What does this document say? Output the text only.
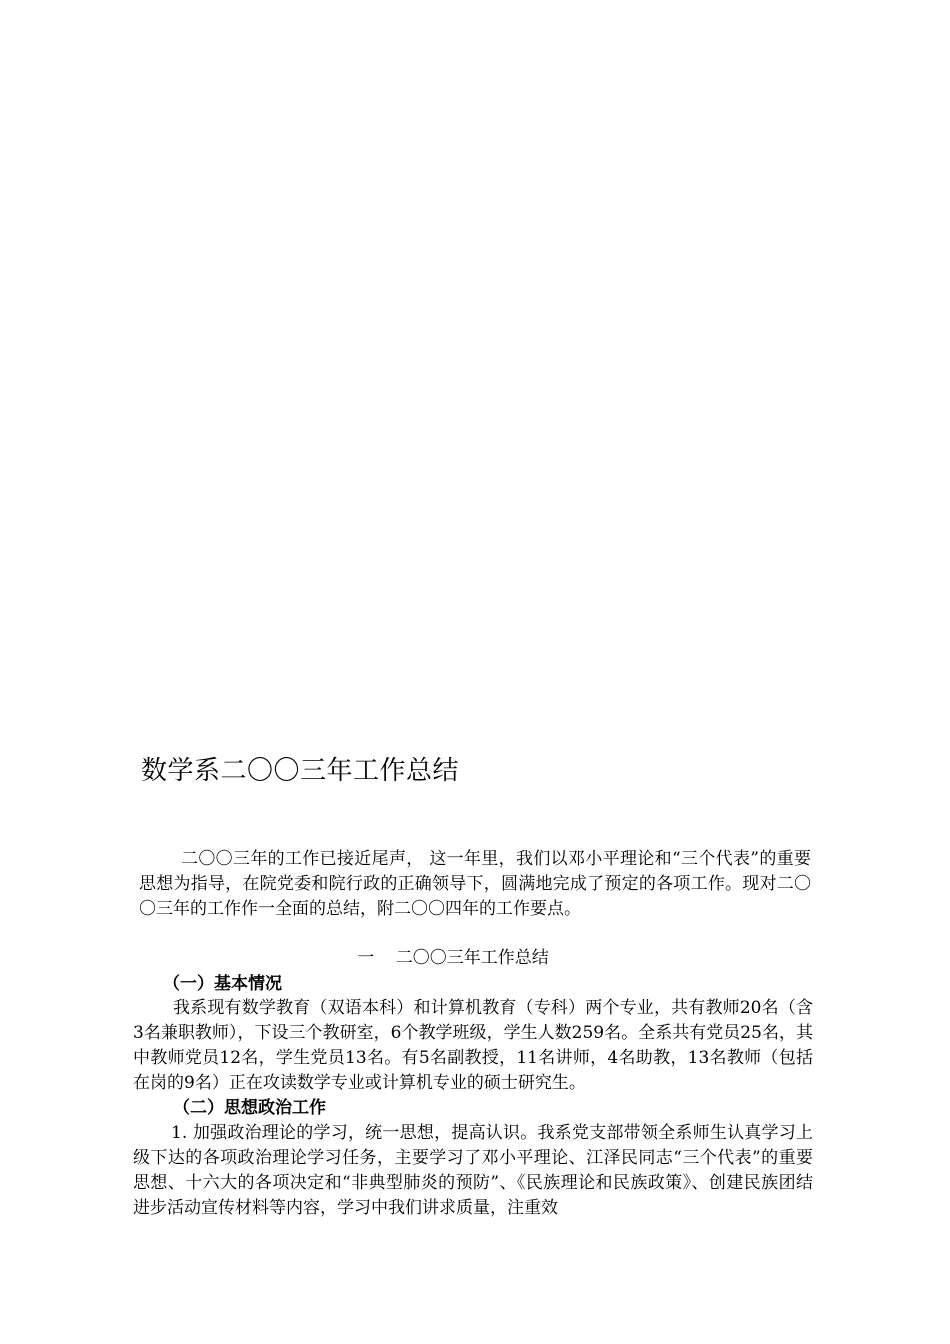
数学系二〇〇三年工作总结
二〇〇三年的工作已接近尾声， 这一年里，我们以邓小平理论和“三个代表”的重要思想为指导，在院党委和院行政的正确领导下，圆满地完成了预定的各项工作。现对二〇〇三年的工作作一全面的总结，附二〇〇四年的工作要点。
一    二〇〇三年工作总结
（一）基本情况
我系现有数学教育（双语本科）和计算机教育（专科）两个专业，共有教师20名（含3名兼职教师），下设三个教研室，6个教学班级，学生人数259名。全系共有党员25名，其中教师党员12名，学生党员13名。有5名副教授，11名讲师，4名助教，13名教师（包括在岗的9名）正在攻读数学专业或计算机专业的硕士研究生。
（二）思想政治工作
1. 加强政治理论的学习，统一思想，提高认识。我系党支部带领全系师生认真学习上级下达的各项政治理论学习任务，主要学习了邓小平理论、江泽民同志“三个代表”的重要思想、十六大的各项决定和“非典型肺炎的预防”、《民族理论和民族政策》、创建民族团结进步活动宣传材料等内容，学习中我们讲求质量，注重效
